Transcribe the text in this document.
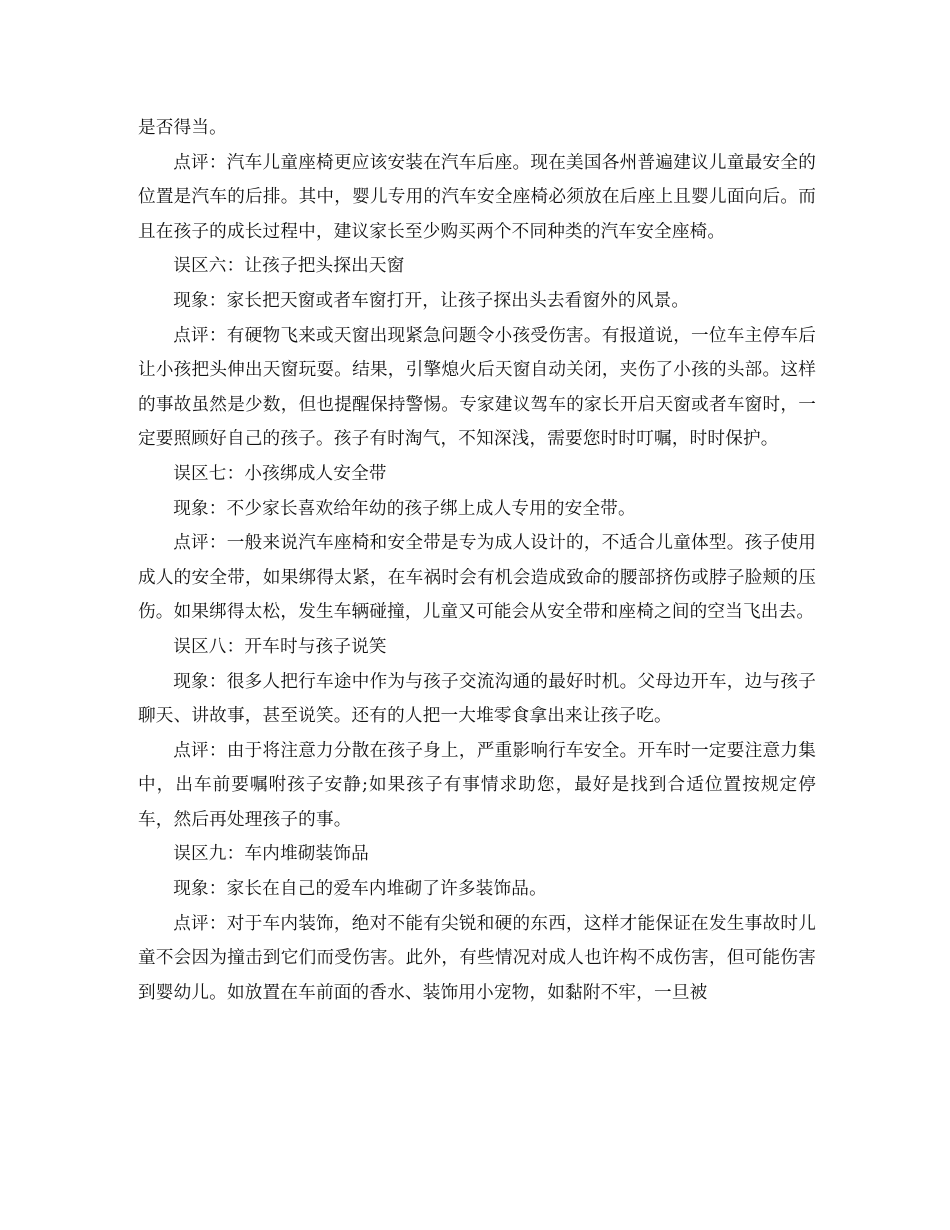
是否得当。

点评：汽车儿童座椅更应该安装在汽车后座。现在美国各州普遍建议儿童最安全的位置是汽车的后排。其中，婴儿专用的汽车安全座椅必须放在后座上且婴儿面向后。而且在孩子的成长过程中，建议家长至少购买两个不同种类的汽车安全座椅。

误区六：让孩子把头探出天窗

现象：家长把天窗或者车窗打开，让孩子探出头去看窗外的风景。

点评：有硬物飞来或天窗出现紧急问题令小孩受伤害。有报道说，一位车主停车后让小孩把头伸出天窗玩耍。结果，引擎熄火后天窗自动关闭，夹伤了小孩的头部。这样的事故虽然是少数，但也提醒保持警惕。专家建议驾车的家长开启天窗或者车窗时，一定要照顾好自己的孩子。孩子有时淘气，不知深浅，需要您时时叮嘱，时时保护。

误区七：小孩绑成人安全带

现象：不少家长喜欢给年幼的孩子绑上成人专用的安全带。

点评：一般来说汽车座椅和安全带是专为成人设计的，不适合儿童体型。孩子使用成人的安全带，如果绑得太紧，在车祸时会有机会造成致命的腰部挤伤或脖子脸颊的压伤。如果绑得太松，发生车辆碰撞，儿童又可能会从安全带和座椅之间的空当飞出去。

误区八：开车时与孩子说笑

现象：很多人把行车途中作为与孩子交流沟通的最好时机。父母边开车，边与孩子聊天、讲故事，甚至说笑。还有的人把一大堆零食拿出来让孩子吃。

点评：由于将注意力分散在孩子身上，严重影响行车安全。开车时一定要注意力集中，出车前要嘱咐孩子安静;如果孩子有事情求助您，最好是找到合适位置按规定停车，然后再处理孩子的事。

误区九：车内堆砌装饰品

现象：家长在自己的爱车内堆砌了许多装饰品。

点评：对于车内装饰，绝对不能有尖锐和硬的东西，这样才能保证在发生事故时儿童不会因为撞击到它们而受伤害。此外，有些情况对成人也许构不成伤害，但可能伤害到婴幼儿。如放置在车前面的香水、装饰用小宠物，如黏附不牢，一旦被
